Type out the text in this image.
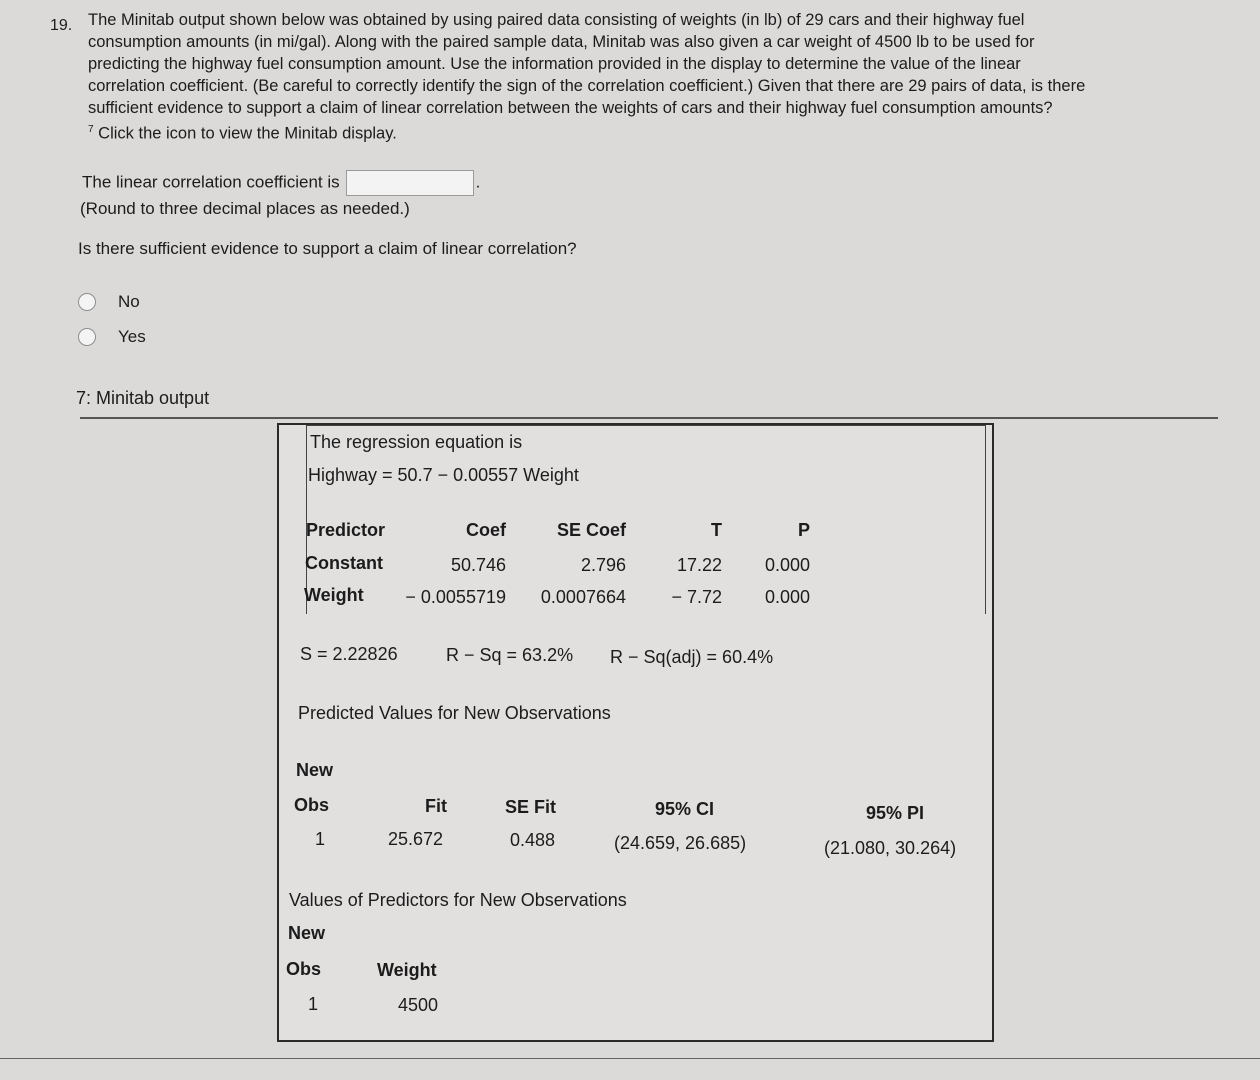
19. The Minitab output shown below was obtained by using paired data consisting of weights (in lb) of 29 cars and their highway fuel
consumption amounts (in mi/gal). Along with the paired sample data, Minitab was also given a car weight of 4500 lb to be used for
predicting the highway fuel consumption amount. Use the information provided in the display to determine the value of the linear
correlation coefficient. (Be careful to correctly identify the sign of the correlation coefficient.) Given that there are 29 pairs of data, is there
sufficient evidence to support a claim of linear correlation between the weights of cars and their highway fuel consumption amounts?
$^7$ Click the icon to view the Minitab display.
The linear correlation coefficient is	.
(Round to three decimal places as needed.)
Is there sufficient evidence to support a claim of linear correlation?
No
Yes
7: Minitab output
The regression equation is
Highway = 50.7 − 0.00557 Weight
Predictor	Coef	SE Coef	T	P
Constant	50.746	2.796	17.22	0.000
Weight	− 0.0055719	0.0007664	− 7.72	0.000
S = 2.22826	R − Sq = 63.2% R − Sq(adj) = 60.4%
Predicted Values for New Observations
New
Obs	Fit	SE Fit	95% CI	95% PI
1	25.672	0.488	(24.659, 26.685)	(21.080, 30.264)
Values of Predictors for New Observations
New
Obs	Weight
1	4500
